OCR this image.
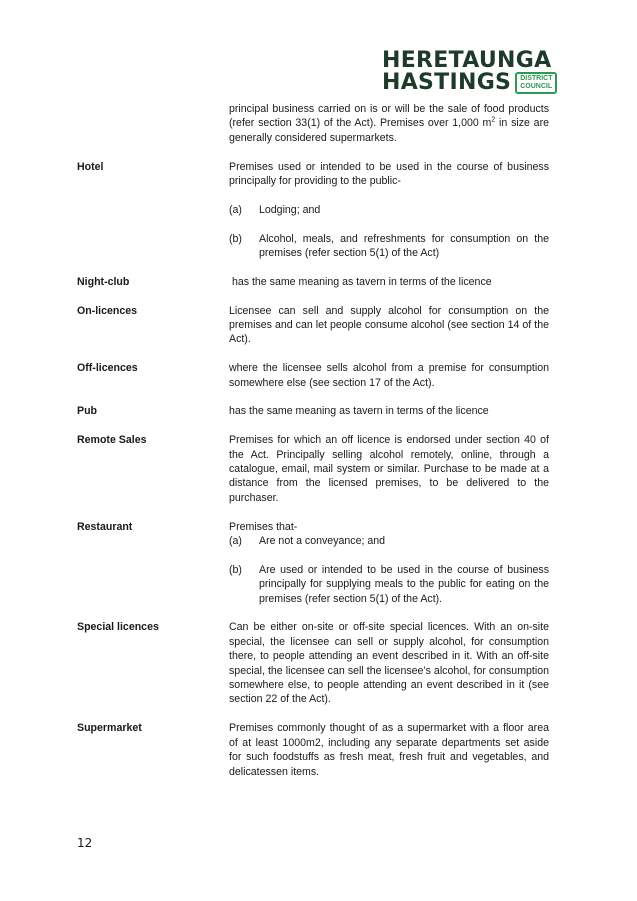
HERETAUNGA
HASTINGS	DISTRICT
COUNCIL
principal business carried on is or will be the sale of food products (refer section 33(1) of the Act). Premises over 1,000 $m^2$ in size are generally considered supermarkets.
Hotel	Premises used or intended to be used in the course of business principally for providing to the public-
(a)	Lodging; and
(b)	Alcohol, meals, and refreshments for consumption on the premises (refer section 5(1) of the Act)
Night-club	has the same meaning as tavern in terms of the licence
On-licences	Licensee can sell and supply alcohol for consumption on the premises and can let people consume alcohol (see section 14 of the Act).
Off-licences	where the licensee sells alcohol from a premise for consumption somewhere else (see section 17 of the Act).
Pub	has the same meaning as tavern in terms of the licence
Remote Sales	Premises for which an off licence is endorsed under section 40 of the Act. Principally selling alcohol remotely, online, through a catalogue, email, mail system or similar. Purchase to be made at a distance from the licensed premises, to be delivered to the purchaser.
Restaurant	Premises that-
(a)	Are not a conveyance; and
(b)	Are used or intended to be used in the course of business principally for supplying meals to the public for eating on the premises (refer section 5(1) of the Act).
Special licences	Can be either on-site or off-site special licences. With an on-site special, the licensee can sell or supply alcohol, for consumption there, to people attending an event described in it. With an off-site special, the licensee can sell the licensee’s alcohol, for consumption somewhere else, to people attending an event described in it (see section 22 of the Act).
Supermarket	Premises commonly thought of as a supermarket with a floor area of at least 1000m2, including any separate departments set aside for such foodstuffs as fresh meat, fresh fruit and vegetables, and delicatessen items.
12
